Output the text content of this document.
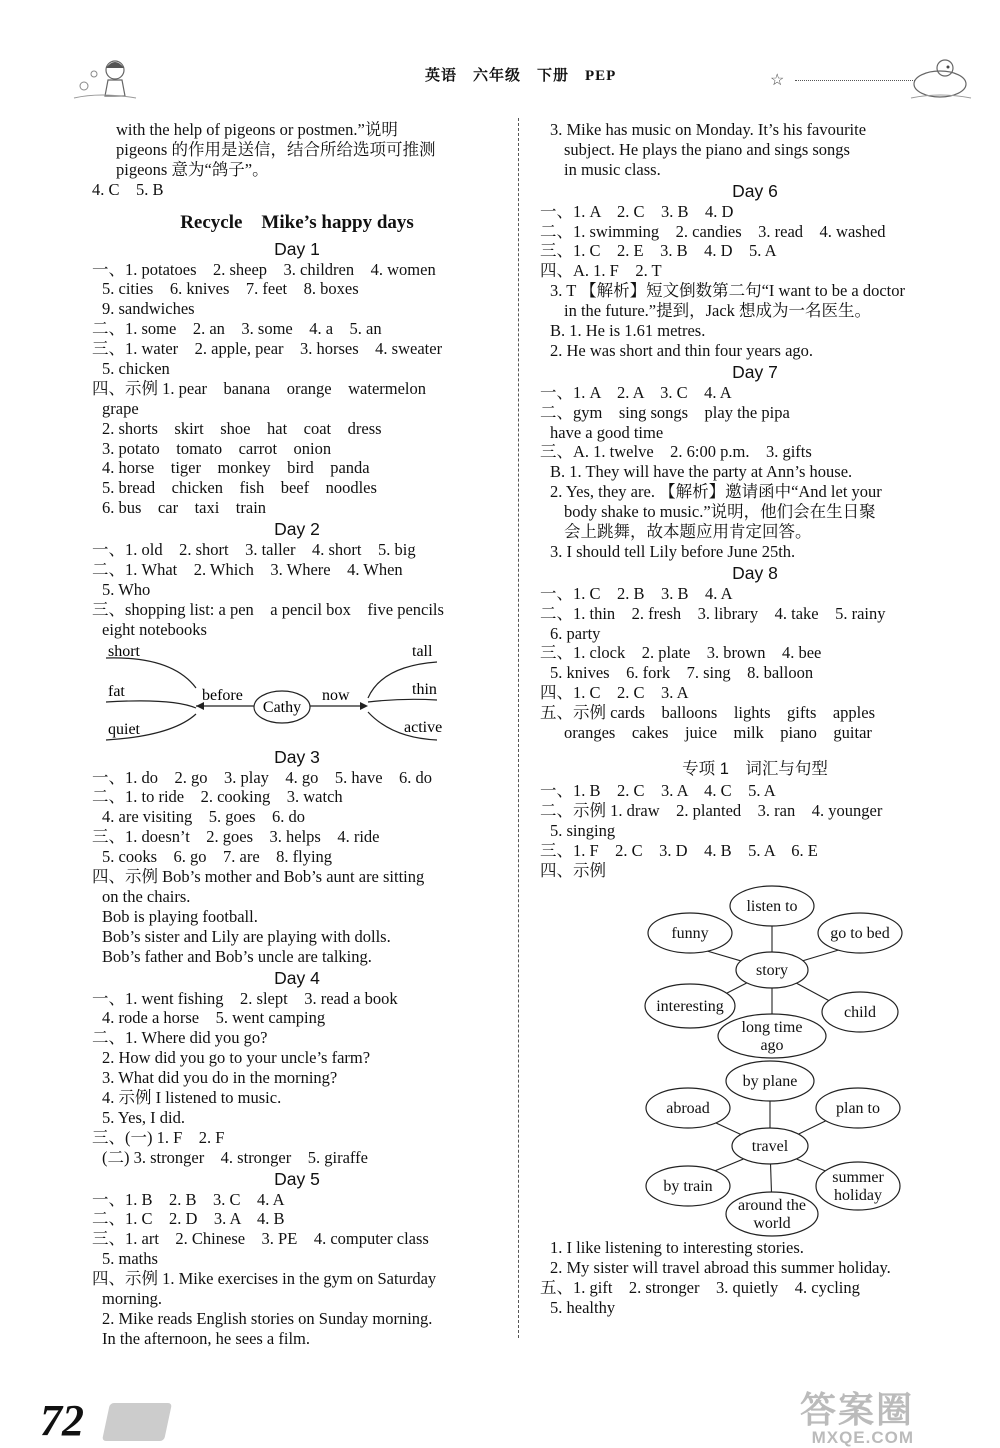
英语　六年级　下册　PEP	☆
with the help of pigeons or postmen.”说明
pigeons 的作用是送信，结合所给选项可推测
pigeons 意为“鸽子”。
4. C　5. B
Recycle　Mike’s happy days
Day 1
一、1. potatoes　2. sheep　3. children　4. women
5. cities　6. knives　7. feet　8. boxes
9. sandwiches
二、1. some　2. an　3. some　4. a　5. an
三、1. water　2. apple, pear　3. horses　4. sweater
5. chicken
四、示例 1. pear　banana　orange　watermelon
grape
2. shorts　skirt　shoe　hat　coat　dress
3. potato　tomato　carrot　onion
4. horse　tiger　monkey　bird　panda
5. bread　chicken　fish　beef　noodles
6. bus　car　taxi　train
Day 2
一、1. old　2. short　3. taller　4. short　5. big
二、1. What　2. Which　3. Where　4. When
5. Who
三、shopping list: a pen　a pencil box　five pencils
eight notebooks
short
fat
quiet
before
Cathy
now
tall
thin
active
Day 3
一、1. do　2. go　3. play　4. go　5. have　6. do
二、1. to ride　2. cooking　3. watch
4. are visiting　5. goes　6. do
三、1. doesn’t　2. goes　3. helps　4. ride
5. cooks　6. go　7. are　8. flying
四、示例 Bob’s mother and Bob’s aunt are sitting
on the chairs.
Bob is playing football.
Bob’s sister and Lily are playing with dolls.
Bob’s father and Bob’s uncle are talking.
Day 4
一、1. went fishing　2. slept　3. read a book
4. rode a horse　5. went camping
二、1. Where did you go?
2. How did you go to your uncle’s farm?
3. What did you do in the morning?
4. 示例 I listened to music.
5. Yes, I did.
三、(一) 1. F　2. F
(二) 3. stronger　4. stronger　5. giraffe
Day 5
一、1. B　2. B　3. C　4. A
二、1. C　2. D　3. A　4. B
三、1. art　2. Chinese　3. PE　4. computer class
5. maths
四、示例 1. Mike exercises in the gym on Saturday
morning.
2. Mike reads English stories on Sunday morning.
In the afternoon, he sees a film.
3. Mike has music on Monday. It’s his favourite
subject. He plays the piano and sings songs
in music class.
Day 6
一、1. A　2. C　3. B　4. D
二、1. swimming　2. candies　3. read　4. washed
三、1. C　2. E　3. B　4. D　5. A
四、A. 1. F　2. T
3. T 【解析】短文倒数第二句“I want to be a doctor
in the future.”提到，Jack 想成为一名医生。
B. 1. He is 1.61 metres.
2. He was short and thin four years ago.
Day 7
一、1. A　2. A　3. C　4. A
二、gym　sing songs　play the pipa
have a good time
三、A. 1. twelve　2. 6:00 p.m.　3. gifts
B. 1. They will have the party at Ann’s house.
2. Yes, they are. 【解析】邀请函中“And let your
body shake to music.”说明，他们会在生日聚
会上跳舞，故本题应用肯定回答。
3. I should tell Lily before June 25th.
Day 8
一、1. C　2. B　3. B　4. A
二、1. thin　2. fresh　3. library　4. take　5. rainy
6. party
三、1. clock　2. plate　3. brown　4. bee
5. knives　6. fork　7. sing　8. balloon
四、1. C　2. C　3. A
五、示例 cards　balloons　lights　gifts　apples
oranges　cakes　juice　milk　piano　guitar
专项 1　词汇与句型
一、1. B　2. C　3. A　4. C　5. A
二、示例 1. draw　2. planted　3. ran　4. younger
5. singing
三、1. F　2. C　3. D　4. B　5. A　6. E
四、示例
listen to
funny	go to bed
story
interesting	child
long time
ago
by plane
abroad	plan to
travel
by train
summer
holiday
around the
world
1. I like listening to interesting stories.
2. My sister will travel abroad this summer holiday.
五、1. gift　2. stronger　3. quietly　4. cycling
5. healthy
72	答案圈
MXQE.COM
